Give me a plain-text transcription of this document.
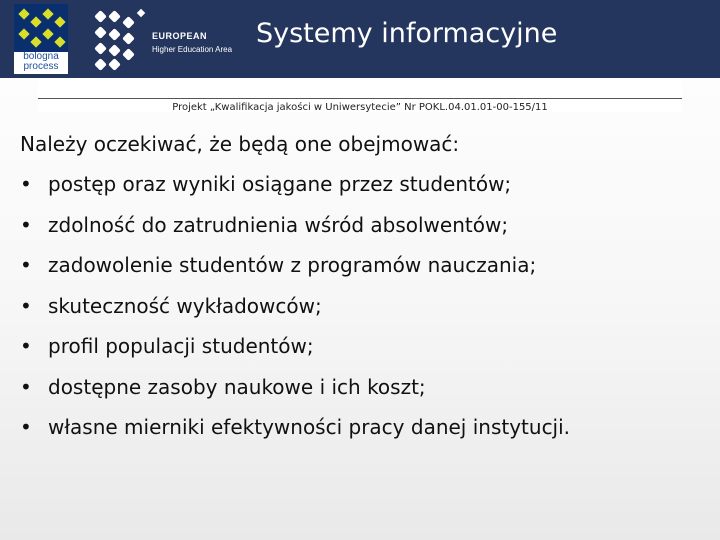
bologna
process
EUROPEAN
Higher Education Area
Systemy informacyjne
Projekt „Kwalifikacja jakości w Uniwersytecie” Nr POKL.04.01.01-00-155/11

Należy oczekiwać, że będą one obejmować:

• postęp oraz wyniki osiągane przez studentów;
• zdolność do zatrudnienia wśród absolwentów;
• zadowolenie studentów z programów nauczania;
• skuteczność wykładowców;
• profil populacji studentów;
• dostępne zasoby naukowe i ich koszt;
• własne mierniki efektywności pracy danej instytucji.
